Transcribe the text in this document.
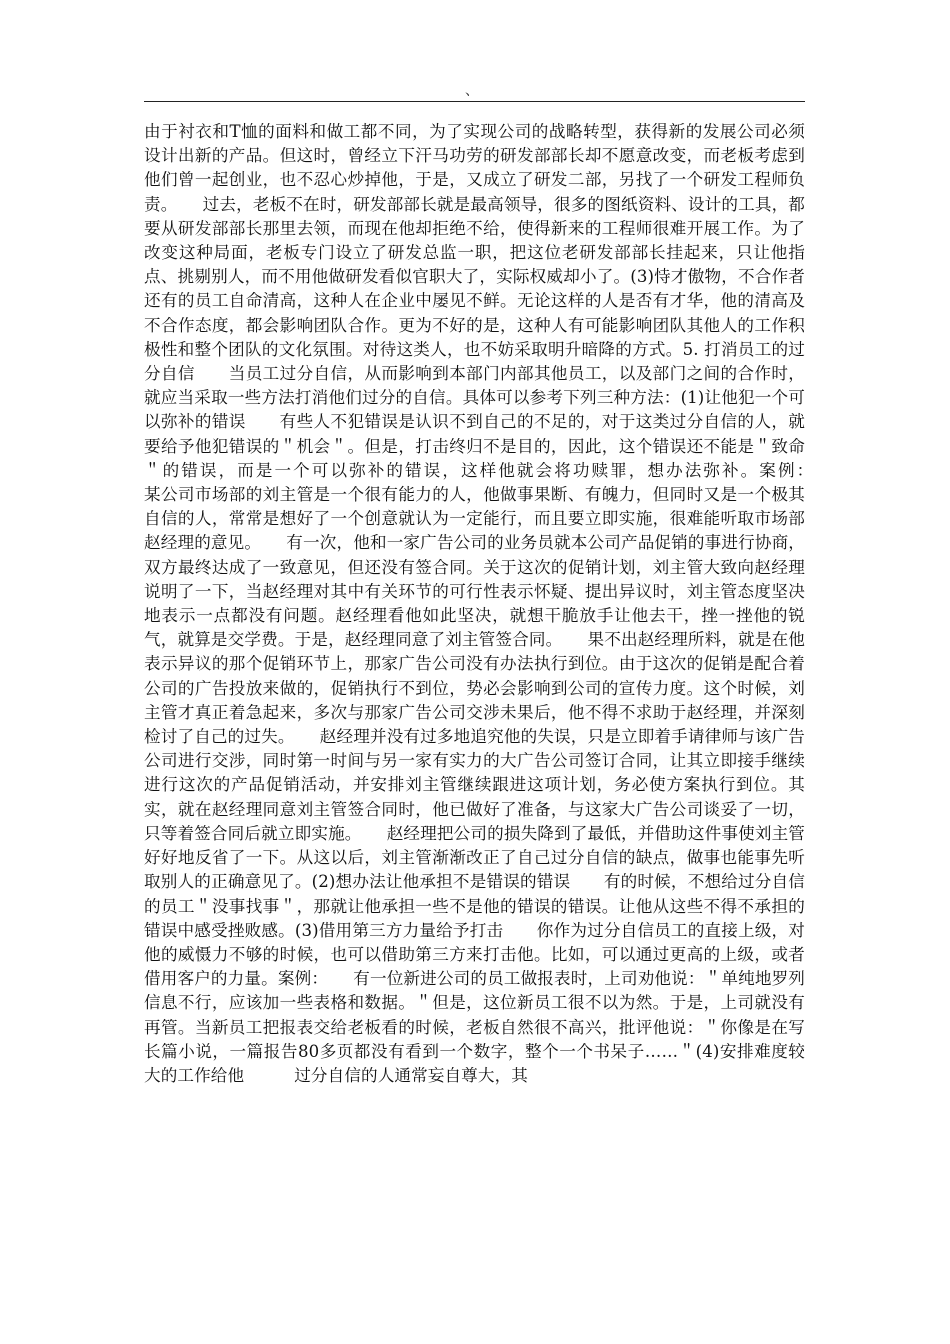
、
由于衬衣和T恤的面料和做工都不同，为了实现公司的战略转型，获得新的发展公司必须设计出新的产品。但这时，曾经立下汗马功劳的研发部部长却不愿意改变，而老板考虑到他们曾一起创业，也不忍心炒掉他，于是，又成立了研发二部，另找了一个研发工程师负责。　　过去，老板不在时，研发部部长就是最高领导，很多的图纸资料、设计的工具，都要从研发部部长那里去领，而现在他却拒绝不给，使得新来的工程师很难开展工作。为了改变这种局面，老板专门设立了研发总监一职，把这位老研发部部长挂起来，只让他指点、挑剔别人，而不用他做研发看似官职大了，实际权威却小了。(3)恃才傲物，不合作者　　还有的员工自命清高，这种人在企业中屡见不鲜。无论这样的人是否有才华，他的清高及不合作态度，都会影响团队合作。更为不好的是，这种人有可能影响团队其他人的工作积极性和整个团队的文化氛围。对待这类人，也不妨采取明升暗降的方式。5. 打消员工的过分自信　　当员工过分自信，从而影响到本部门内部其他员工，以及部门之间的合作时，就应当采取一些方法打消他们过分的自信。具体可以参考下列三种方法：(1)让他犯一个可以弥补的错误　　有些人不犯错误是认识不到自己的不足的，对于这类过分自信的人，就要给予他犯错误的＂机会＂。但是，打击终归不是目的，因此，这个错误还不能是＂致命＂的错误，而是一个可以弥补的错误，这样他就会将功赎罪，想办法弥补。案例：　　　　　　　　某公司市场部的刘主管是一个很有能力的人，他做事果断、有魄力，但同时又是一个极其自信的人，常常是想好了一个创意就认为一定能行，而且要立即实施，很难能听取市场部赵经理的意见。　　有一次，他和一家广告公司的业务员就本公司产品促销的事进行协商，双方最终达成了一致意见，但还没有签合同。关于这次的促销计划，刘主管大致向赵经理说明了一下，当赵经理对其中有关环节的可行性表示怀疑、提出异议时，刘主管态度坚决地表示一点都没有问题。赵经理看他如此坚决，就想干脆放手让他去干，挫一挫他的锐气，就算是交学费。于是，赵经理同意了刘主管签合同。　　果不出赵经理所料，就是在他表示异议的那个促销环节上，那家广告公司没有办法执行到位。由于这次的促销是配合着公司的广告投放来做的，促销执行不到位，势必会影响到公司的宣传力度。这个时候，刘主管才真正着急起来，多次与那家广告公司交涉未果后，他不得不求助于赵经理，并深刻检讨了自己的过失。　　赵经理并没有过多地追究他的失误，只是立即着手请律师与该广告公司进行交涉，同时第一时间与另一家有实力的大广告公司签订合同，让其立即接手继续进行这次的产品促销活动，并安排刘主管继续跟进这项计划，务必使方案执行到位。其实，就在赵经理同意刘主管签合同时，他已做好了准备，与这家大广告公司谈妥了一切，只等着签合同后就立即实施。　　赵经理把公司的损失降到了最低，并借助这件事使刘主管好好地反省了一下。从这以后，刘主管渐渐改正了自己过分自信的缺点，做事也能事先听取别人的正确意见了。(2)想办法让他承担不是错误的错误　　有的时候，不想给过分自信的员工＂没事找事＂，那就让他承担一些不是他的错误的错误。让他从这些不得不承担的错误中感受挫败感。(3)借用第三方力量给予打击　　你作为过分自信员工的直接上级，对他的威慑力不够的时候，也可以借助第三方来打击他。比如，可以通过更高的上级，或者借用客户的力量。案例：　　有一位新进公司的员工做报表时，上司劝他说：＂单纯地罗列信息不行，应该加一些表格和数据。＂但是，这位新员工很不以为然。于是，上司就没有再管。当新员工把报表交给老板看的时候，老板自然很不高兴，批评他说：＂你像是在写长篇小说，一篇报告80多页都没有看到一个数字，整个一个书呆子……＂(4)安排难度较大的工作给他　　　过分自信的人通常妄自尊大，其
